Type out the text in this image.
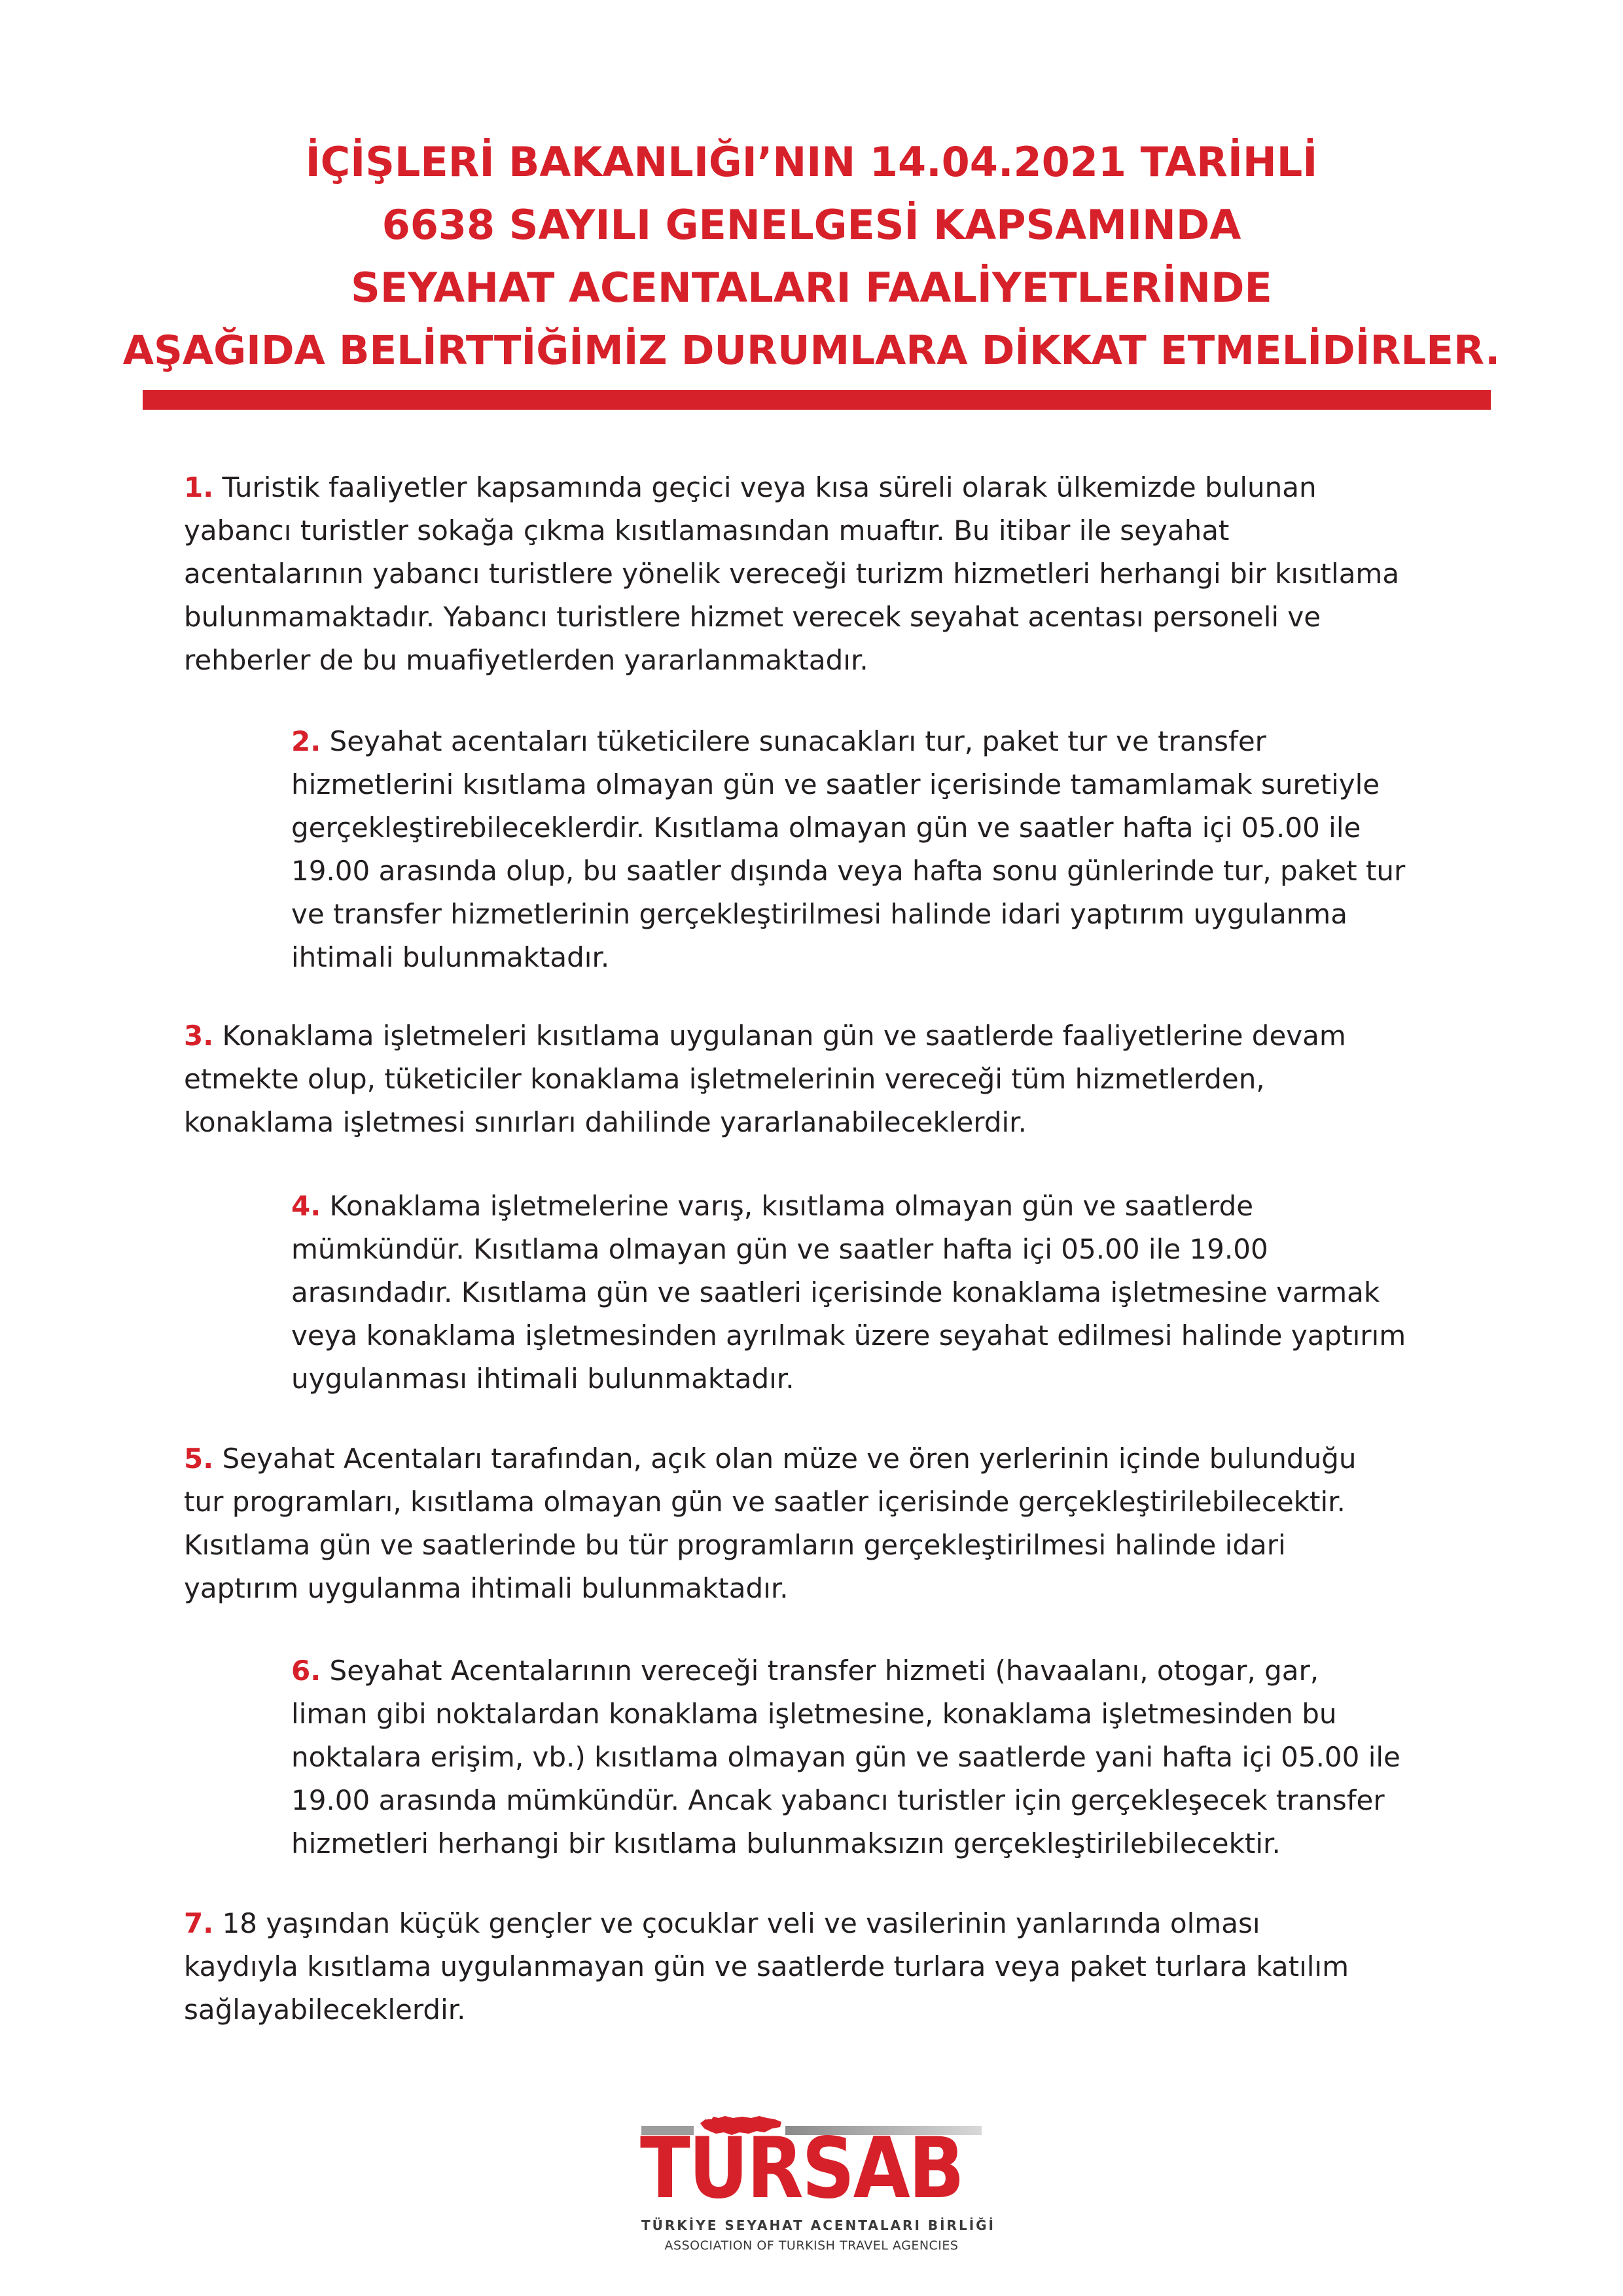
İÇİŞLERİ BAKANLIĞI’NIN 14.04.2021 TARİHLİ
6638 SAYILI GENELGESİ KAPSAMINDA
SEYAHAT ACENTALARI FAALİYETLERİNDE
AŞAĞIDA BELİRTTİĞİMİZ DURUMLARA DİKKAT ETMELİDİRLER.
1. Turistik faaliyetler kapsamında geçici veya kısa süreli olarak ülkemizde bulunan
yabancı turistler sokağa çıkma kısıtlamasından muaftır. Bu itibar ile seyahat
acentalarının yabancı turistlere yönelik vereceği turizm hizmetleri herhangi bir kısıtlama
bulunmamaktadır. Yabancı turistlere hizmet verecek seyahat acentası personeli ve
rehberler de bu muafiyetlerden yararlanmaktadır.
2. Seyahat acentaları tüketicilere sunacakları tur, paket tur ve transfer
hizmetlerini kısıtlama olmayan gün ve saatler içerisinde tamamlamak suretiyle
gerçekleştirebileceklerdir. Kısıtlama olmayan gün ve saatler hafta içi 05.00 ile
19.00 arasında olup, bu saatler dışında veya hafta sonu günlerinde tur, paket tur
ve transfer hizmetlerinin gerçekleştirilmesi halinde idari yaptırım uygulanma
ihtimali bulunmaktadır.
3. Konaklama işletmeleri kısıtlama uygulanan gün ve saatlerde faaliyetlerine devam
etmekte olup, tüketiciler konaklama işletmelerinin vereceği tüm hizmetlerden,
konaklama işletmesi sınırları dahilinde yararlanabileceklerdir.
4. Konaklama işletmelerine varış, kısıtlama olmayan gün ve saatlerde
mümkündür. Kısıtlama olmayan gün ve saatler hafta içi 05.00 ile 19.00
arasındadır. Kısıtlama gün ve saatleri içerisinde konaklama işletmesine varmak
veya konaklama işletmesinden ayrılmak üzere seyahat edilmesi halinde yaptırım
uygulanması ihtimali bulunmaktadır.
5. Seyahat Acentaları tarafından, açık olan müze ve ören yerlerinin içinde bulunduğu
tur programları, kısıtlama olmayan gün ve saatler içerisinde gerçekleştirilebilecektir.
Kısıtlama gün ve saatlerinde bu tür programların gerçekleştirilmesi halinde idari
yaptırım uygulanma ihtimali bulunmaktadır.
6. Seyahat Acentalarının vereceği transfer hizmeti (havaalanı, otogar, gar,
liman gibi noktalardan konaklama işletmesine, konaklama işletmesinden bu
noktalara erişim, vb.) kısıtlama olmayan gün ve saatlerde yani hafta içi 05.00 ile
19.00 arasında mümkündür. Ancak yabancı turistler için gerçekleşecek transfer
hizmetleri herhangi bir kısıtlama bulunmaksızın gerçekleştirilebilecektir.
7. 18 yaşından küçük gençler ve çocuklar veli ve vasilerinin yanlarında olması
kaydıyla kısıtlama uygulanmayan gün ve saatlerde turlara veya paket turlara katılım
sağlayabileceklerdir.
TÜRSAB
TÜRKİYE SEYAHAT ACENTALARI BİRLİĞİ
ASSOCIATION OF TURKISH TRAVEL AGENCIES
